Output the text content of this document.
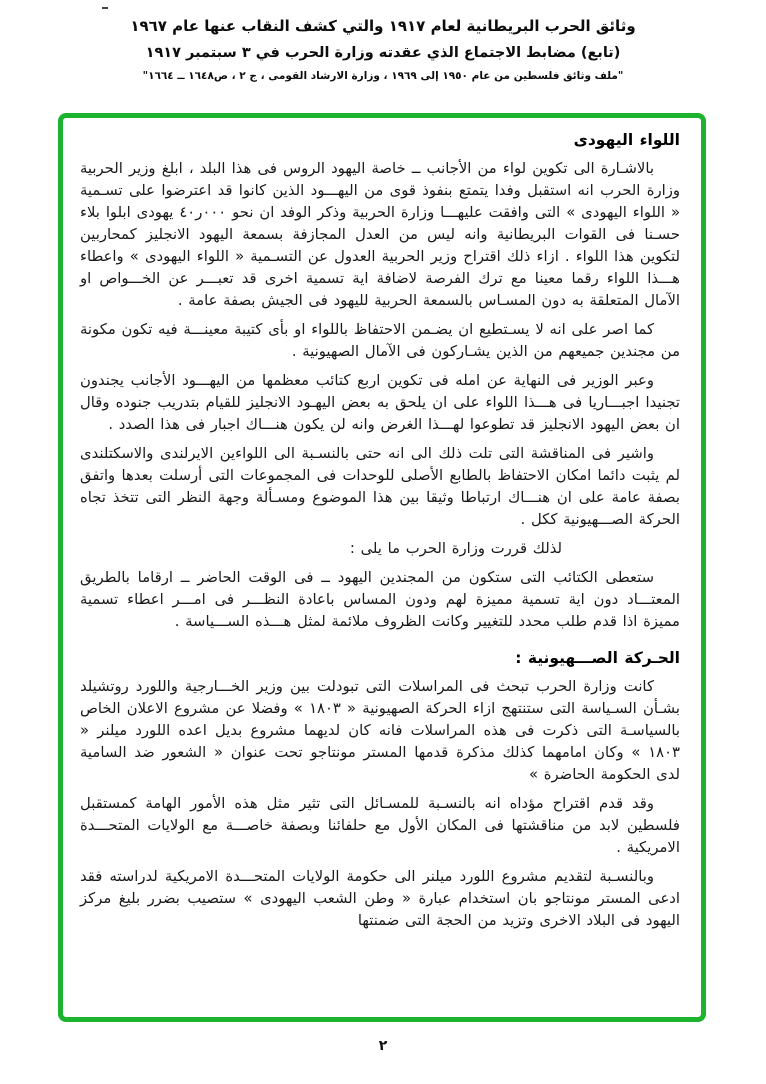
وثائق الحرب البريطانية لعام ١٩١٧ والتي كشف النقاب عنها عام ١٩٦٧
(تابع) مضابط الاجتماع الذي عقدته وزارة الحرب في ٣ سبتمبر ١٩١٧
"ملف وثائق فلسطين من عام ١٩٥٠ إلى ١٩٦٩ ، وزارة الارشاد القومى ، ج ٢ ، ص١٦٤٨ ــ ١٦٦٤"
اللواء اليهودى

بالاشـارة الى تكوين لواء من الأجانب ــ خاصة اليهود الروس فى هذا البلد ، ابلغ وزير الحربية وزارة الحرب انه استقبل وفدا يتمتع بنفوذ قوى من اليهـــود الذين كانوا قد اعترضوا على تسـمية « اللواء اليهودى » التى وافقت عليهـــا وزارة الحربية وذكر الوفد ان نحو ٠٠٠ر٤٠ يهودى ابلوا بلاء حسـنا فى القوات البريطانية وانه ليس من العدل المجازفة بسمعة اليهود الانجليز كمحاربين لتكوين هذا اللواء . ازاء ذلك اقتراح وزير الحربية العدول عن التسـمية « اللواء اليهودى » واعطاء هـــذا اللواء رقما معينا مع ترك الفرصة لاضافة اية تسمية اخرى قد تعبـــر عن الخـــواص او الآمال المتعلقة به دون المسـاس بالسمعة الحربية لليهود فى الجيش بصفة عامة .

كما اصر على انه لا يسـتطيع ان يضـمن الاحتفاظ باللواء او بأى كتيبة معينـــة فيه تكون مكونة من مجندين جميعهم من الذين يشـاركون فى الآمال الصهيونية .

وعبر الوزير فى النهاية عن امله فى تكوين اربع كتائب معظمها من اليهـــود الأجانب يجندون تجنيدا اجبـــاريا فى هـــذا اللواء على ان يلحق به بعض اليهـود الانجليز للقيام بتدريب جنوده وقال ان بعض اليهود الانجليز قد تطوعوا لهـــذا الغرض وانه لن يكون هنـــاك اجبار فى هذا الصدد .

واشير فى المناقشة التى تلت ذلك الى انه حتى بالنسـبة الى اللواءين الايرلندى والاسكتلندى لم يثبت دائما امكان الاحتفاظ بالطابع الأصلى للوحدات فى المجموعات التى أرسلت بعدها واتفق بصفة عامة على ان هنـــاك ارتباطا وثيقا بين هذا الموضوع ومسـألة وجهة النظر التى تتخذ تجاه الحركة الصـــهيونية ككل .

لذلك قررت وزارة الحرب ما يلى :

ستعطى الكتائب التى ستكون من المجندين اليهود ــ فى الوقت الحاضر ــ ارقاما بالطريق المعتـــاد دون اية تسمية مميزة لهم ودون المساس باعادة النظـــر فى امـــر اعطاء تسمية مميزة اذا قدم طلب محدد للتغيير وكانت الظروف ملائمة لمثل هـــذه الســـياسة .

الحـركة الصـــهيونية :

كانت وزارة الحرب تبحث فى المراسلات التى تبودلت بين وزير الخـــارجية واللورد روتشيلد بشـأن السـياسة التى ستنتهج ازاء الحركة الصهيونية « ١٨٠٣ » وفضلا عن مشروع الاعلان الخاص بالسياسـة التى ذكرت فى هذه المراسلات فانه كان لديهما مشروع بديل اعده اللورد ميلنر « ١٨٠٣ » وكان امامهما كذلك مذكرة قدمها المستر مونتاجو تحت عنوان « الشعور ضد السامية لدى الحكومة الحاضرة »

وقد قدم اقتراح مؤداه انه بالنسـبة للمسـائل التى تثير مثل هذه الأمور الهامة كمستقبل فلسطين لابد من مناقشتها فى المكان الأول مع حلفائنا وبصفة خاصـــة مع الولايات المتحـــدة الامريكية .

وبالنسـبة لتقديم مشروع اللورد ميلنر الى حكومة الولايات المتحـــدة الامريكية لدراسته فقد ادعى المستر مونتاجو بان استخدام عبارة « وطن الشعب اليهودى » ستصيب بضرر بليغ مركز اليهود فى البلاد الاخرى وتزيد من الحجة التى ضمنتها

٢
